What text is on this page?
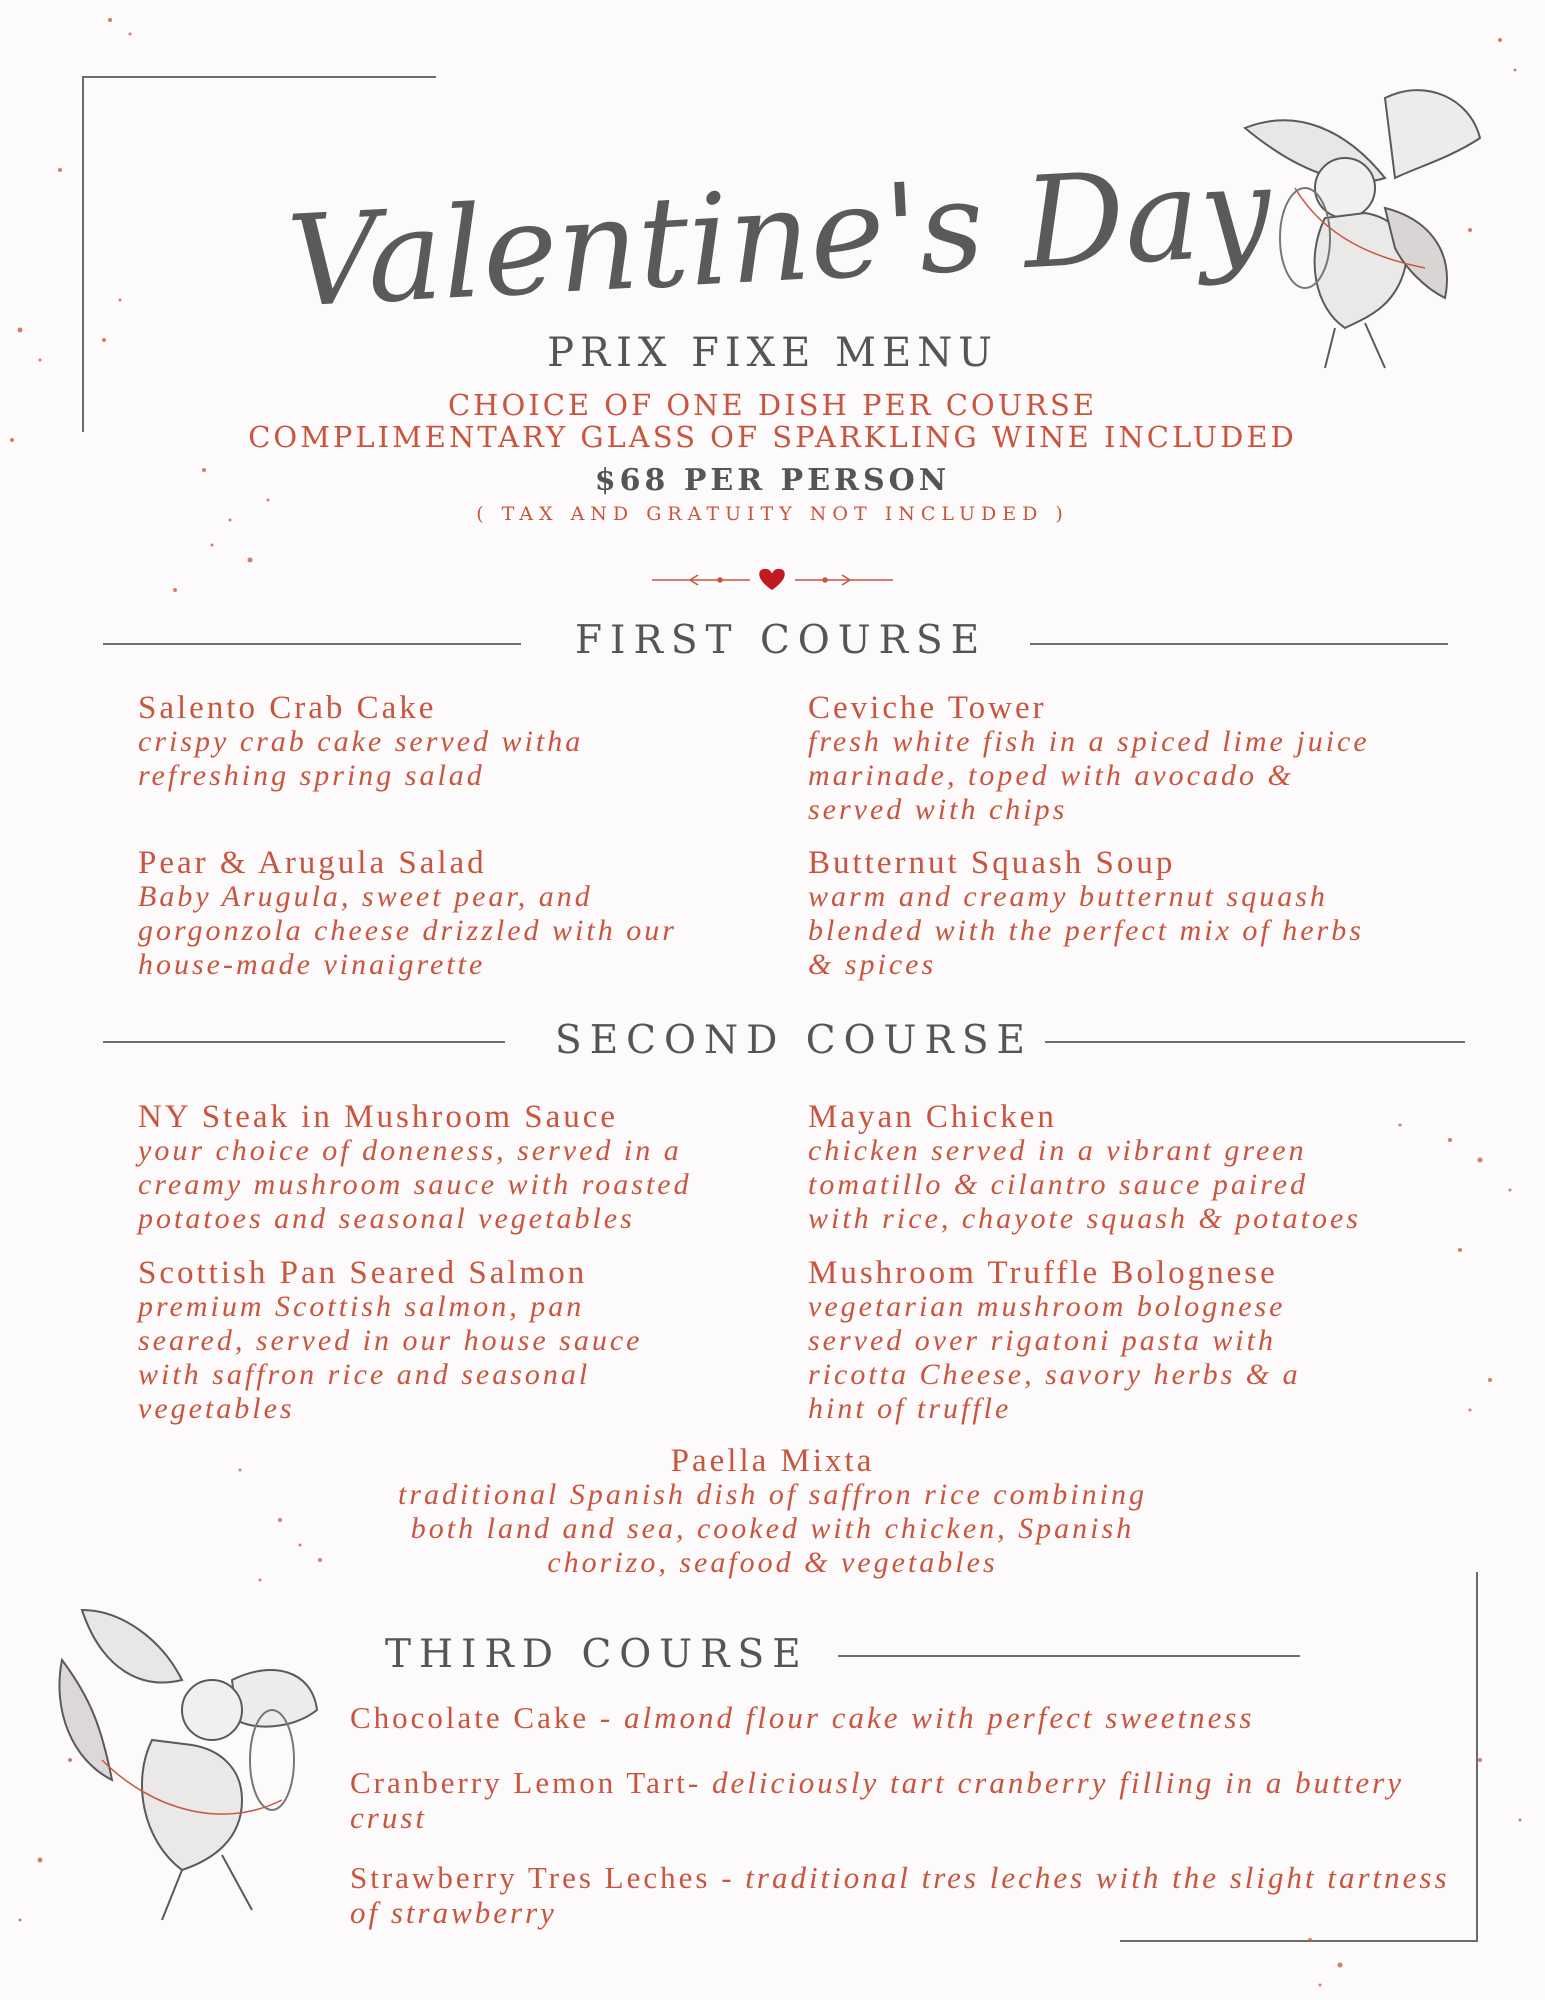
Valentine's Day
PRIX FIXE MENU
CHOICE OF ONE DISH PER COURSE
COMPLIMENTARY GLASS OF SPARKLING WINE INCLUDED
$68 PER PERSON
( TAX AND GRATUITY NOT INCLUDED )
FIRST COURSE
Salento Crab Cake
crispy crab cake served witha
refreshing spring salad
Ceviche Tower
fresh white fish in a spiced lime juice
marinade, toped with avocado &
served with chips
Pear & Arugula Salad
Baby Arugula, sweet pear, and
gorgonzola cheese drizzled with our
house-made vinaigrette
Butternut Squash Soup
warm and creamy butternut squash
blended with the perfect mix of herbs
& spices
SECOND COURSE
NY Steak in Mushroom Sauce
your choice of doneness, served in a
creamy mushroom sauce with roasted
potatoes and seasonal vegetables
Mayan Chicken
chicken served in a vibrant green
tomatillo & cilantro sauce paired
with rice, chayote squash & potatoes
Scottish Pan Seared Salmon
premium Scottish salmon, pan
seared, served in our house sauce
with saffron rice and seasonal
vegetables
Mushroom Truffle Bolognese
vegetarian mushroom bolognese
served over rigatoni pasta with
ricotta Cheese, savory herbs & a
hint of truffle
Paella Mixta
traditional Spanish dish of saffron rice combining
both land and sea, cooked with chicken, Spanish
chorizo, seafood & vegetables
THIRD COURSE
Chocolate Cake - almond flour cake with perfect sweetness
Cranberry Lemon Tart- deliciously tart cranberry filling in a buttery crust
Strawberry Tres Leches - traditional tres leches with the slight tartness of strawberry
